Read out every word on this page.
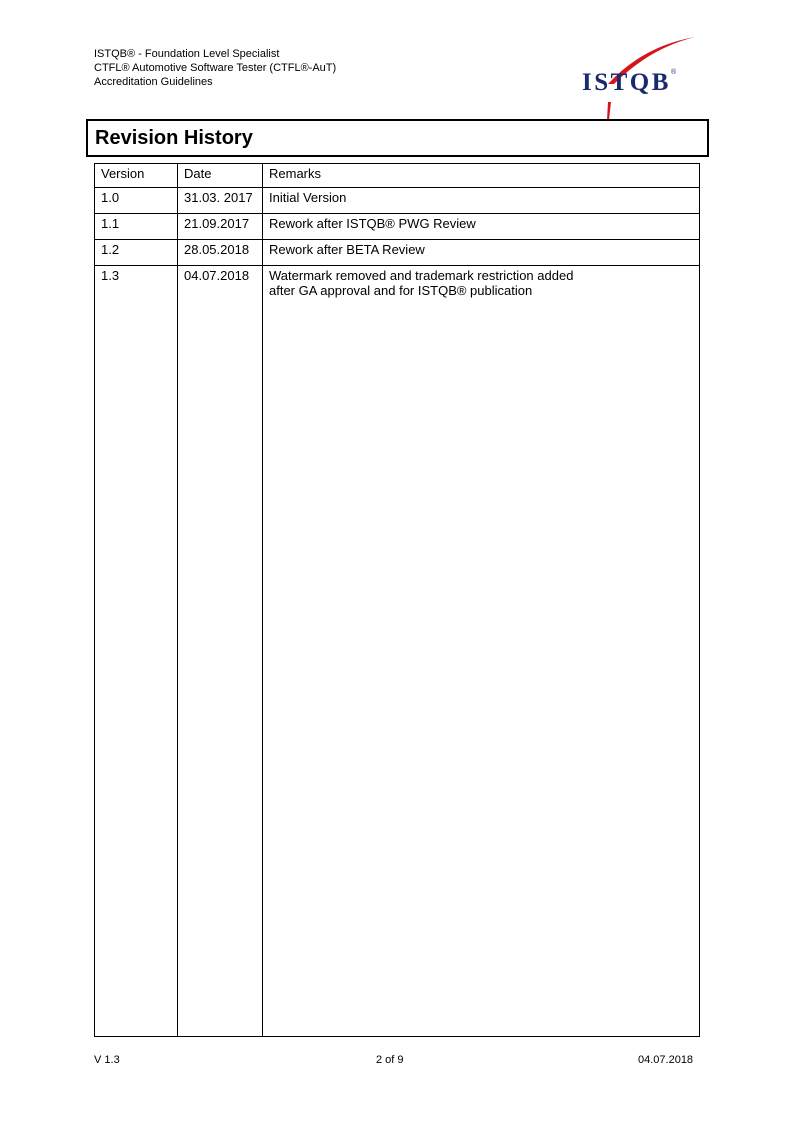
ISTQB® - Foundation Level Specialist
CTFL® Automotive Software Tester (CTFL®-AuT)
Accreditation Guidelines	ISTQB ®
Revision History
Version	Date	Remarks
1.0	31.03. 2017	Initial Version

1.1	21.09.2017	Rework after ISTQB® PWG Review

1.2	28.05.2018	Rework after BETA Review

1.3	04.07.2018	Watermark removed and trademark restriction added
after GA approval and for ISTQB® publication
V 1.3	2 of 9	04.07.2018
